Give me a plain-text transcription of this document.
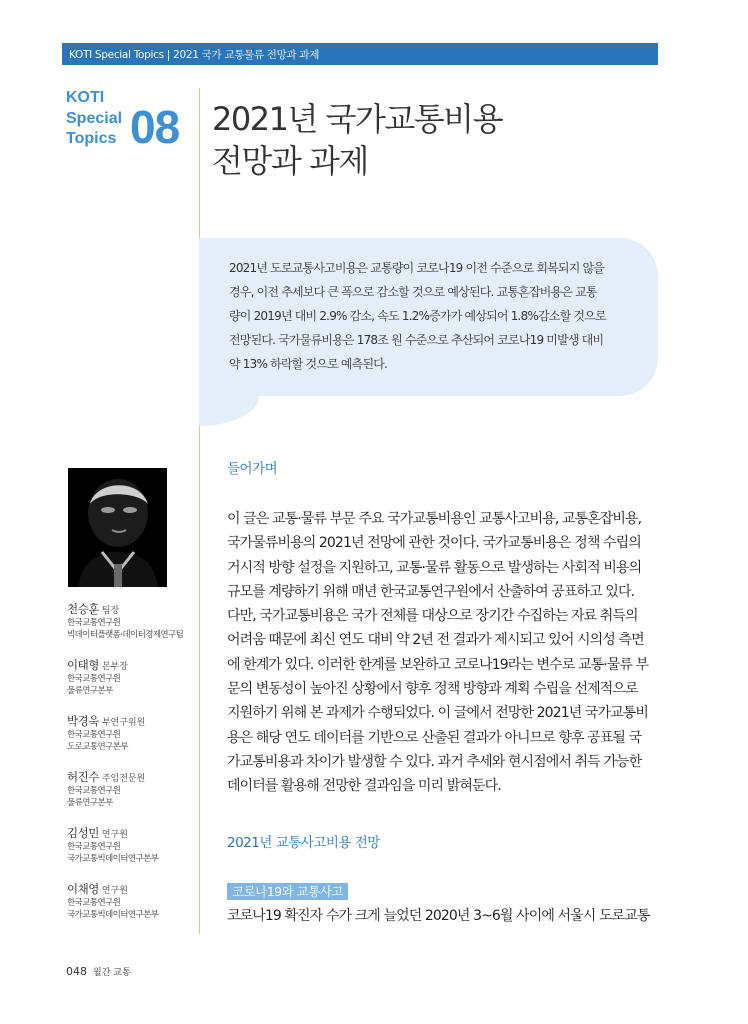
KOTI Special Topics | 2021 국가 교통물류 전망과 과제
KOTI
Special
Topics 08 2021년 국가교통비용
전망과 과제
2021년 도로교통사고비용은 교통량이 코로나19 이전 수준으로 회복되지 않을
경우, 이전 추세보다 큰 폭으로 감소할 것으로 예상된다. 교통혼잡비용은 교통
량이 2019년 대비 2.9% 감소, 속도 1.2%증가가 예상되어 1.8%감소할 것으로
전망된다. 국가물류비용은 178조 원 수준으로 추산되어 코로나19 미발생 대비
약 13% 하락할 것으로 예측된다.
들어가며
이 글은 교통·물류 부문 주요 국가교통비용인 교통사고비용, 교통혼잡비용,
국가물류비용의 2021년 전망에 관한 것이다. 국가교통비용은 정책 수립의
거시적 방향 설정을 지원하고, 교통·물류 활동으로 발생하는 사회적 비용의
규모를 계량하기 위해 매년 한국교통연구원에서 산출하여 공표하고 있다.
다만, 국가교통비용은 국가 전체를 대상으로 장기간 수집하는 자료 취득의
어려움 때문에 최신 연도 대비 약 2년 전 결과가 제시되고 있어 시의성 측면
에 한계가 있다. 이러한 한계를 보완하고 코로나19라는 변수로 교통·물류 부
문의 변동성이 높아진 상황에서 향후 정책 방향과 계획 수립을 선제적으로
지원하기 위해 본 과제가 수행되었다. 이 글에서 전망한 2021년 국가교통비
용은 해당 연도 데이터를 기반으로 산출된 결과가 아니므로 향후 공표될 국
가교통비용과 차이가 발생할 수 있다. 과거 추세와 현시점에서 취득 가능한
데이터를 활용해 전망한 결과임을 미리 밝혀둔다.
2021년 교통사고비용 전망
코로나19와 교통사고
코로나19 확진자 수가 크게 늘었던 2020년 3~6월 사이에 서울시 도로교통
천승훈 팀장
한국교통연구원
빅데이터플랫폼·데이터경제연구팀
이태형 본부장
한국교통연구원
물류연구본부
박경욱 부연구위원
한국교통연구원
도로교통연구본부
허진수 주임전문원
한국교통연구원
물류연구본부
김성민 연구원
한국교통연구원
국가교통빅데이터연구본부
이채영 연구원
한국교통연구원
국가교통빅데이터연구본부
048 월간 교통
